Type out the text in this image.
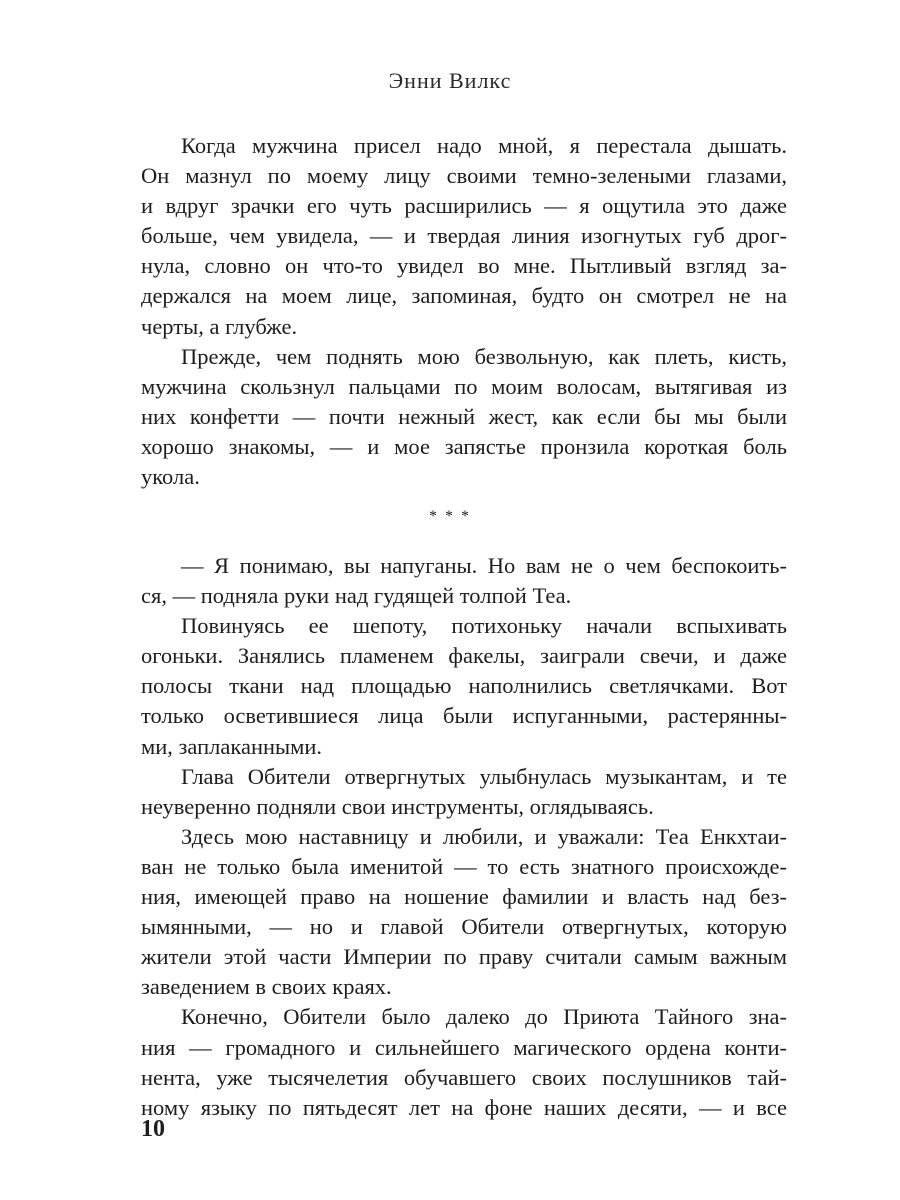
Энни Вилкс
Когда мужчина присел надо мной, я перестала дышать.
Он мазнул по моему лицу своими темно-зелеными глазами,
и вдруг зрачки его чуть расширились — я ощутила это даже
больше, чем увидела, — и твердая линия изогнутых губ дрог-
нула, словно он что-то увидел во мне. Пытливый взгляд за-
держался на моем лице, запоминая, будто он смотрел не на
черты, а глубже.
Прежде, чем поднять мою безвольную, как плеть, кисть,
мужчина скользнул пальцами по моим волосам, вытягивая из
них конфетти — почти нежный жест, как если бы мы были
хорошо знакомы, — и мое запястье пронзила короткая боль
укола.
* * *
— Я понимаю, вы напуганы. Но вам не о чем беспокоить-
ся, — подняла руки над гудящей толпой Теа.
Повинуясь ее шепоту, потихоньку начали вспыхивать
огоньки. Занялись пламенем факелы, заиграли свечи, и даже
полосы ткани над площадью наполнились светлячками. Вот
только осветившиеся лица были испуганными, растерянны-
ми, заплаканными.
Глава Обители отвергнутых улыбнулась музыкантам, и те
неуверенно подняли свои инструменты, оглядываясь.
Здесь мою наставницу и любили, и уважали: Теа Енкхтаи-
ван не только была именитой — то есть знатного происхожде-
ния, имеющей право на ношение фамилии и власть над без-
ымянными, — но и главой Обители отвергнутых, которую
жители этой части Империи по праву считали самым важным
заведением в своих краях.
Конечно, Обители было далеко до Приюта Тайного зна-
ния — громадного и сильнейшего магического ордена конти-
нента, уже тысячелетия обучавшего своих послушников тай-
ному языку по пятьдесят лет на фоне наших десяти, — и все
10
